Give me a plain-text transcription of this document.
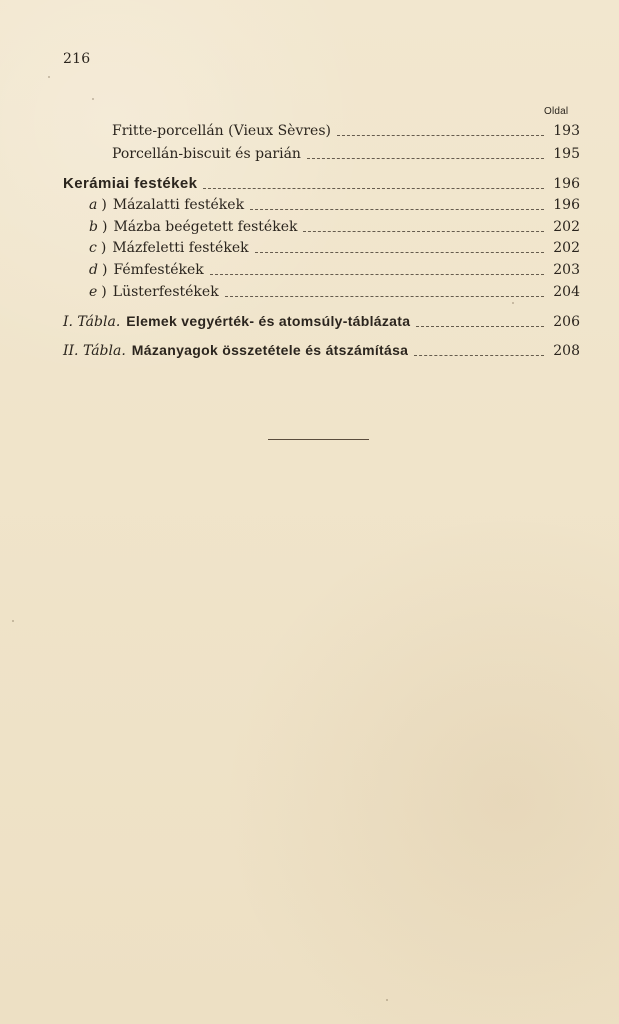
216
Oldal
Fritte-porcellán (Vieux Sèvres)	193
Porcellán-biscuit és parián	195
Kerámiai festékek	196
a ) Mázalatti festékek	196
b ) Mázba beégetett festékek	202
c ) Mázfeletti festékek	202
d ) Fémfestékek	203
e ) Lüsterfestékek	204
I. Tábla. Elemek vegyérték- és atomsúly-táblázata	206
II. Tábla. Mázanyagok összetétele és átszámítása	208
